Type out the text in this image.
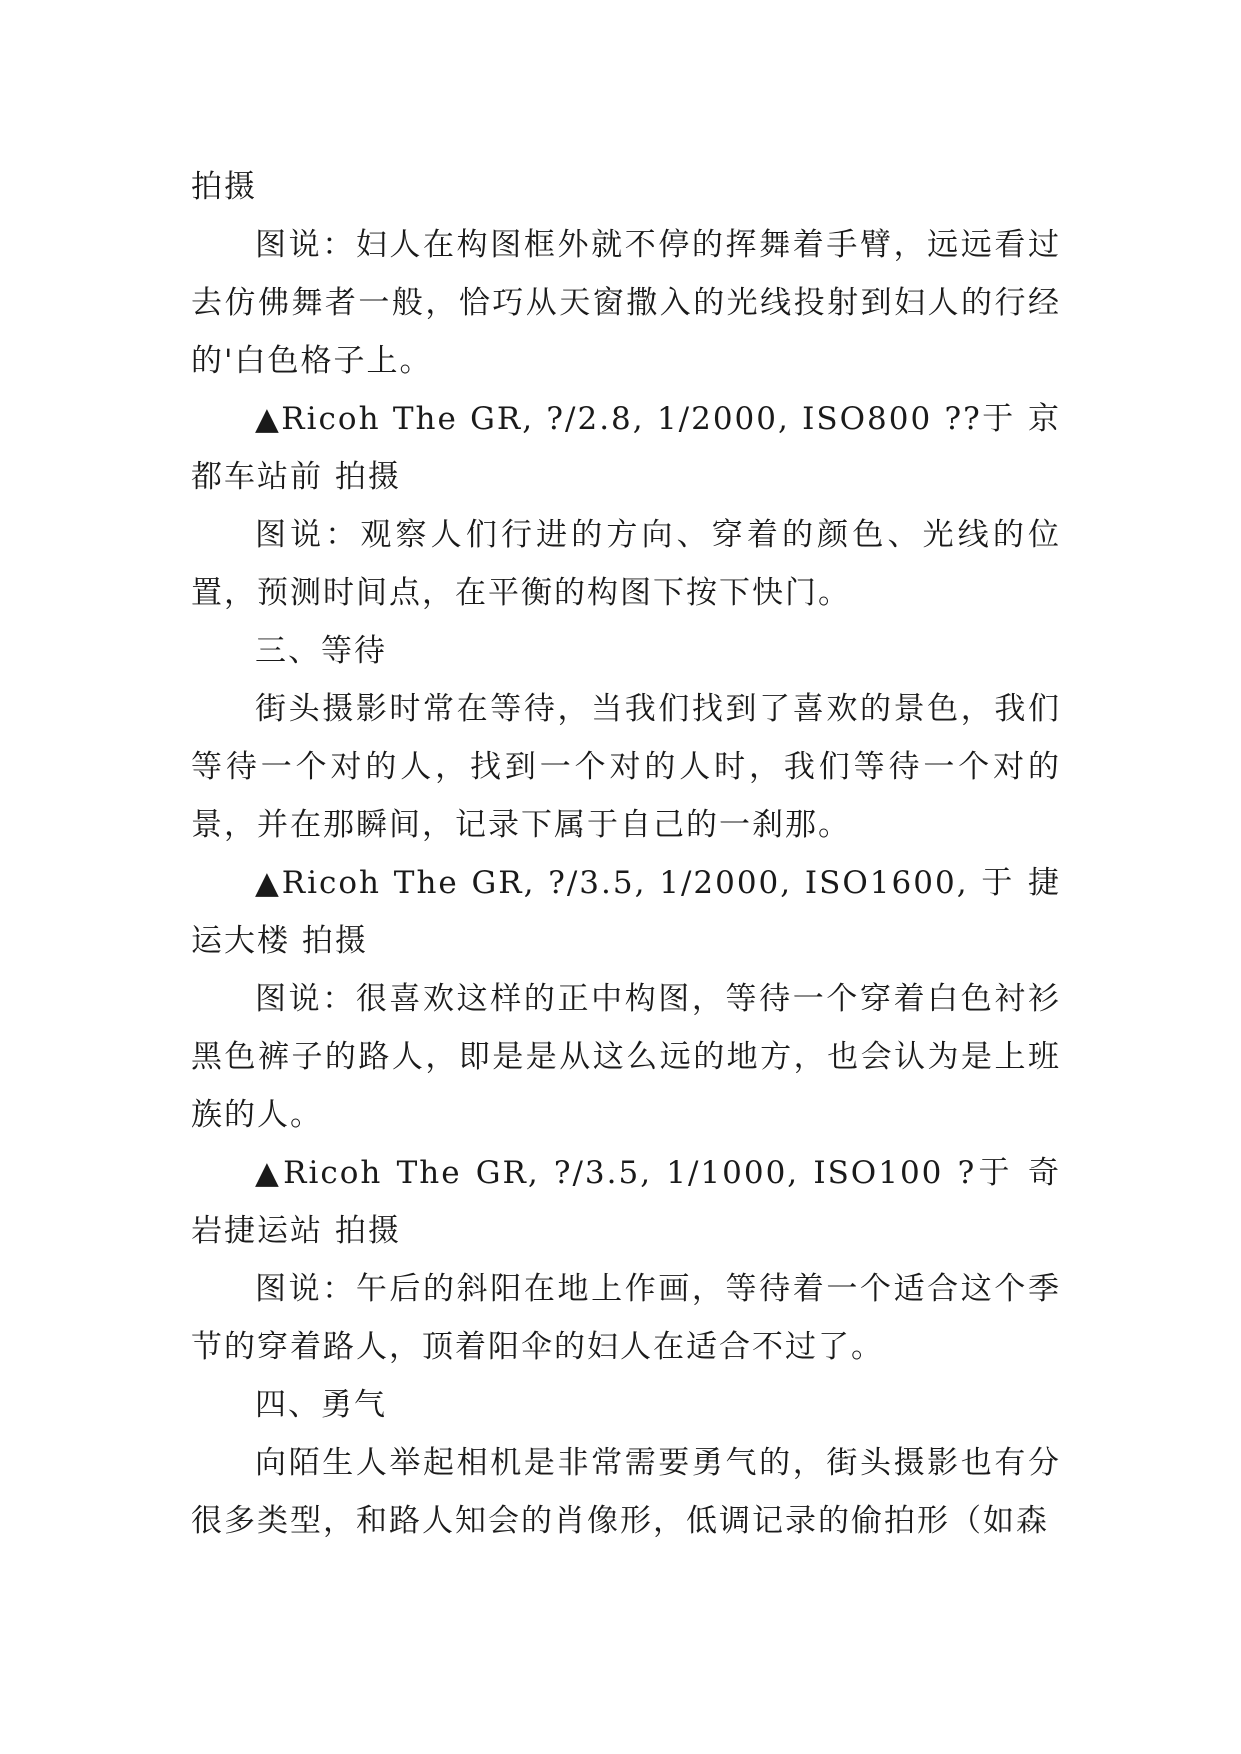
拍摄

图说：妇人在构图框外就不停的挥舞着手臂，远远看过去仿佛舞者一般，恰巧从天窗撒入的光线投射到妇人的行经的'白色格子上。

▲Ricoh The GR, ?/2.8, 1/2000, ISO800 ??于 京都车站前 拍摄

图说：观察人们行进的方向、穿着的颜色、光线的位置，预测时间点，在平衡的构图下按下快门。

三、等待

街头摄影时常在等待，当我们找到了喜欢的景色，我们等待一个对的人，找到一个对的人时，我们等待一个对的景，并在那瞬间，记录下属于自己的一刹那。

▲Ricoh The GR, ?/3.5, 1/2000, ISO1600, 于 捷运大楼 拍摄

图说：很喜欢这样的正中构图，等待一个穿着白色衬衫黑色裤子的路人，即是是从这么远的地方，也会认为是上班族的人。

▲Ricoh The GR, ?/3.5, 1/1000, ISO100 ?于 奇岩捷运站 拍摄

图说：午后的斜阳在地上作画，等待着一个适合这个季节的穿着路人，顶着阳伞的妇人在适合不过了。

四、勇气

向陌生人举起相机是非常需要勇气的，街头摄影也有分很多类型，和路人知会的肖像形，低调记录的偷拍形（如森
